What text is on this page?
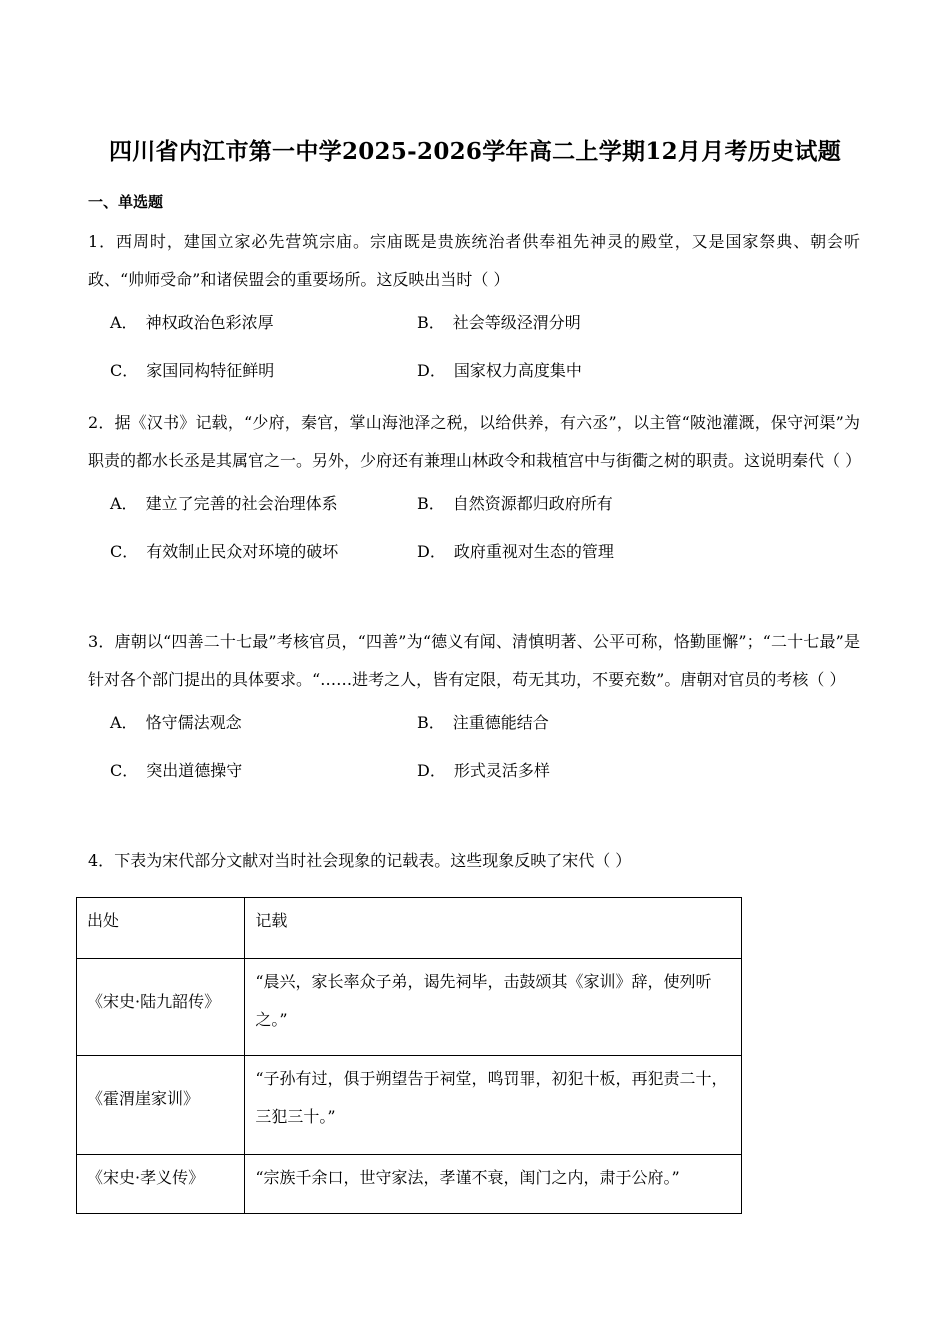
四川省内江市第一中学2025-2026学年高二上学期12月月考历史试题
一、单选题

1．西周时，建国立家必先营筑宗庙。宗庙既是贵族统治者供奉祖先神灵的殿堂，又是国家祭典、朝会听政、“帅师受命”和诸侯盟会的重要场所。这反映出当时（ ）

A． 神权政治色彩浓厚	B． 社会等级泾渭分明
C． 家国同构特征鲜明	D． 国家权力高度集中

2．据《汉书》记载，“少府，秦官，掌山海池泽之税，以给供养，有六丞”，以主管“陂池灌溉，保守河渠”为职责的都水长丞是其属官之一。另外，少府还有兼理山林政令和栽植宫中与街衢之树的职责。这说明秦代（ ）

A． 建立了完善的社会治理体系	B． 自然资源都归政府所有
C． 有效制止民众对环境的破坏	D． 政府重视对生态的管理

3．唐朝以“四善二十七最”考核官员，“四善”为“德义有闻、清慎明著、公平可称，恪勤匪懈”；“二十七最”是针对各个部门提出的具体要求。“……进考之人，皆有定限，苟无其功，不要充数”。唐朝对官员的考核（ ）

A． 恪守儒法观念	B． 注重德能结合
C． 突出道德操守	D． 形式灵活多样

4．下表为宋代部分文献对当时社会现象的记载表。这些现象反映了宋代（ ）

出处	记载

《宋史·陆九韶传》	“晨兴，家长率众子弟，谒先祠毕，击鼓颂其《家训》辞，使列听之。”

《霍渭崖家训》	“子孙有过，俱于朔望告于祠堂，鸣罚罪，初犯十板，再犯责二十，三犯三十。”

《宋史·孝义传》	“宗族千余口，世守家法，孝谨不衰，闺门之内，肃于公府。”
